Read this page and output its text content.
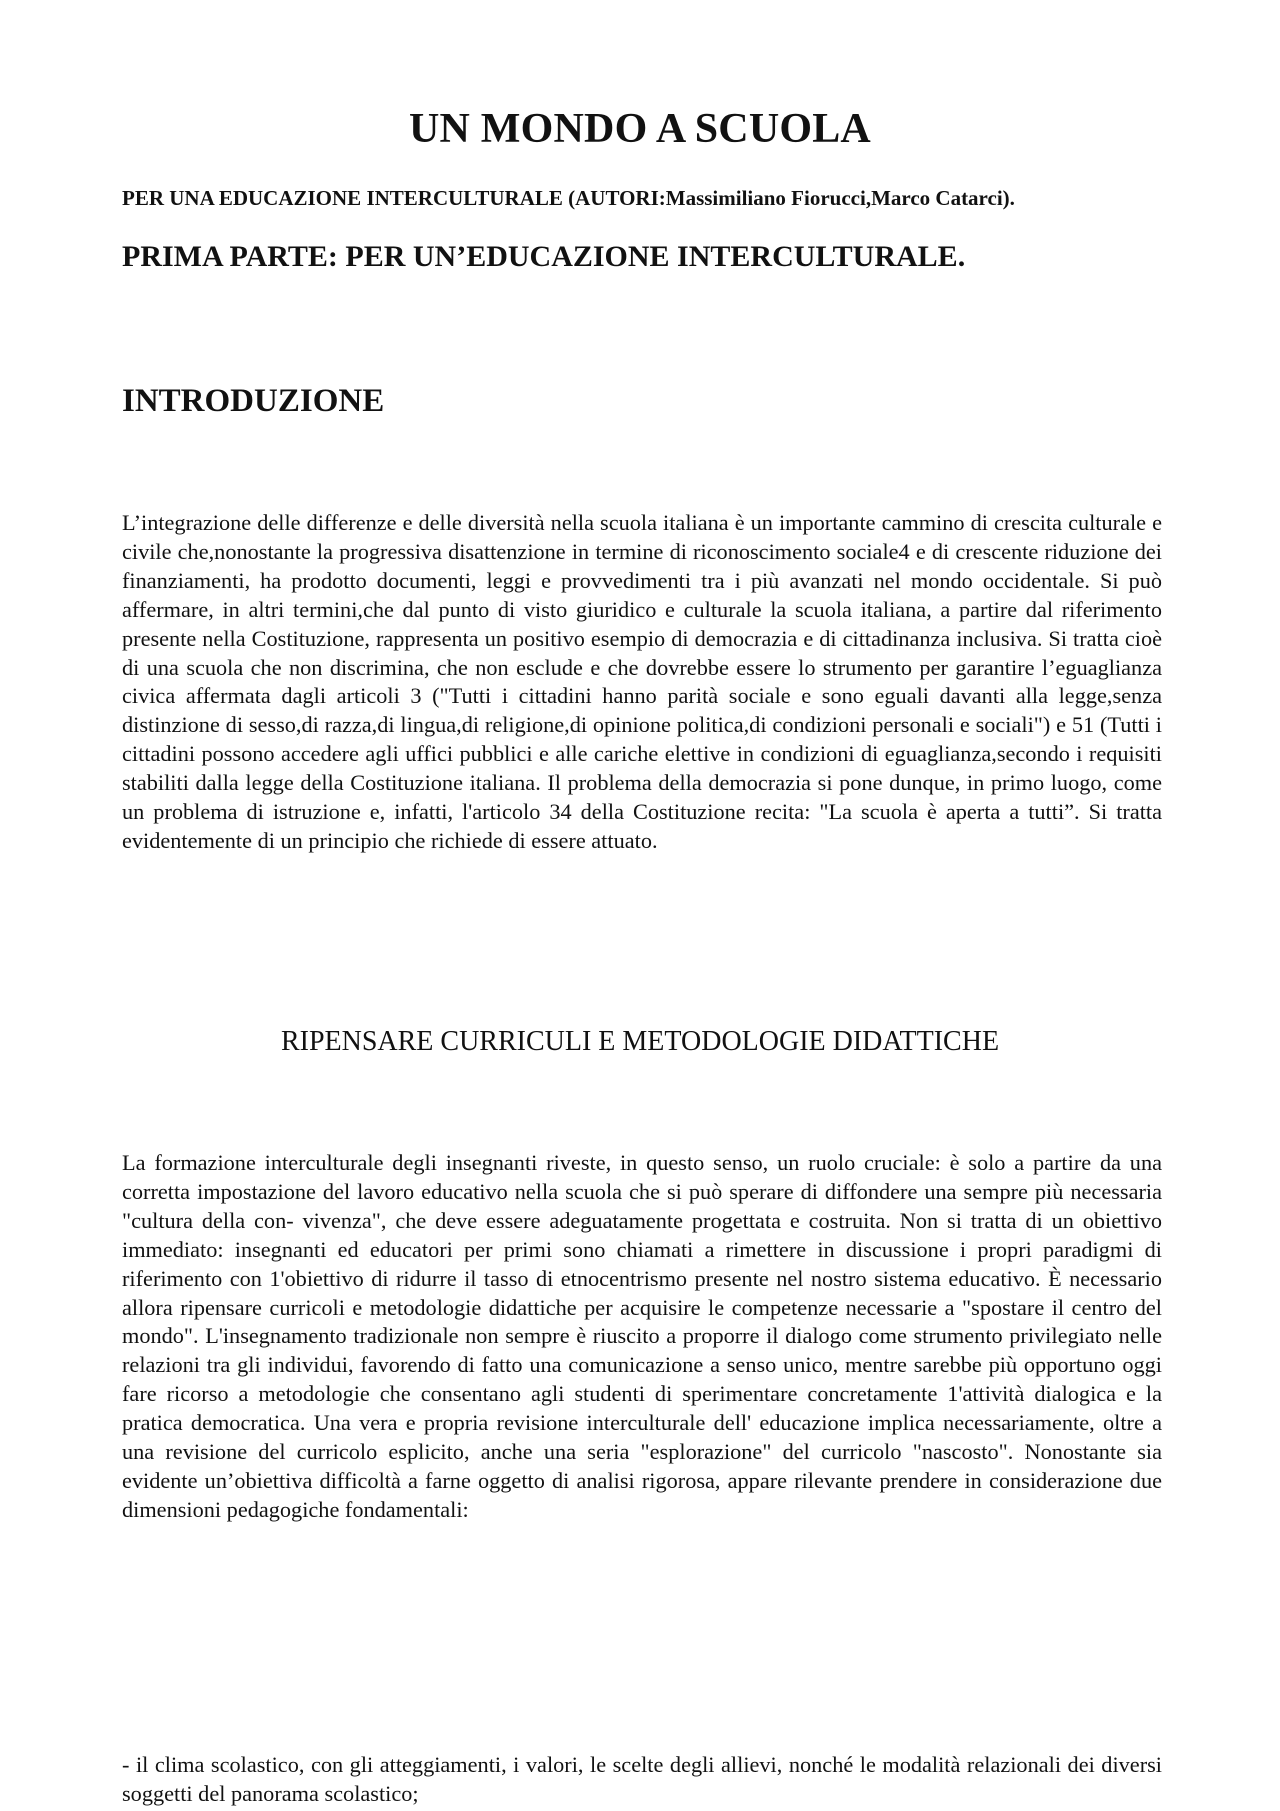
UN MONDO A SCUOLA
PER UNA EDUCAZIONE INTERCULTURALE (AUTORI:Massimiliano Fiorucci,Marco Catarci).
PRIMA PARTE: PER UN’EDUCAZIONE INTERCULTURALE.
INTRODUZIONE

L’integrazione delle differenze e delle diversità nella scuola italiana è un importante cammino di crescita culturale e civile che,nonostante la progressiva disattenzione in termine di riconoscimento sociale4 e di crescente riduzione dei finanziamenti, ha prodotto documenti, leggi e provvedimenti tra i più avanzati nel mondo occidentale. Si può affermare, in altri termini,che dal punto di visto giuridico e culturale la scuola italiana, a partire dal riferimento presente nella Costituzione, rappresenta un positivo esempio di democrazia e di cittadinanza inclusiva. Si tratta cioè di una scuola che non discrimina, che non esclude e che dovrebbe essere lo strumento per garantire l’eguaglianza civica affermata dagli articoli 3 ("Tutti i cittadini hanno parità sociale e sono eguali davanti alla legge,senza distinzione di sesso,di razza,di lingua,di religione,di opinione politica,di condizioni personali e sociali") e 51 (Tutti i cittadini possono accedere agli uffici pubblici e alle cariche elettive in condizioni di eguaglianza,secondo i requisiti stabiliti dalla legge della Costituzione italiana. Il problema della democrazia si pone dunque, in primo luogo, come un problema di istruzione e, infatti, l'articolo 34 della Costituzione recita: "La scuola è aperta a tutti”. Si tratta evidentemente di un principio che richiede di essere attuato.

RIPENSARE CURRICULI E METODOLOGIE DIDATTICHE

La formazione interculturale degli insegnanti riveste, in questo senso, un ruolo cruciale: è solo a partire da una corretta impostazione del lavoro educativo nella scuola che si può sperare di diffondere una sempre più necessaria "cultura della con- vivenza", che deve essere adeguatamente progettata e costruita. Non si tratta di un obiettivo immediato: insegnanti ed educatori per primi sono chiamati a rimettere in discussione i propri paradigmi di riferimento con 1'obiettivo di ridurre il tasso di etnocentrismo presente nel nostro sistema educativo. È necessario allora ripensare curricoli e metodologie didattiche per acquisire le competenze necessarie a "spostare il centro del mondo". L'insegnamento tradizionale non sempre è riuscito a proporre il dialogo come strumento privilegiato nelle relazioni tra gli individui, favorendo di fatto una comunicazione a senso unico, mentre sarebbe più opportuno oggi fare ricorso a metodologie che consentano agli studenti di sperimentare concretamente 1'attività dialogica e la pratica democratica. Una vera e propria revisione interculturale dell' educazione implica necessariamente, oltre a una revisione del curricolo esplicito, anche una seria "esplorazione" del curricolo "nascosto". Nonostante sia evidente un’obiettiva difficoltà a farne oggetto di analisi rigorosa, appare rilevante prendere in considerazione due dimensioni pedagogiche fondamentali:

- il clima scolastico, con gli atteggiamenti, i valori, le scelte degli allievi, nonché le modalità relazionali dei diversi soggetti del panorama scolastico;
